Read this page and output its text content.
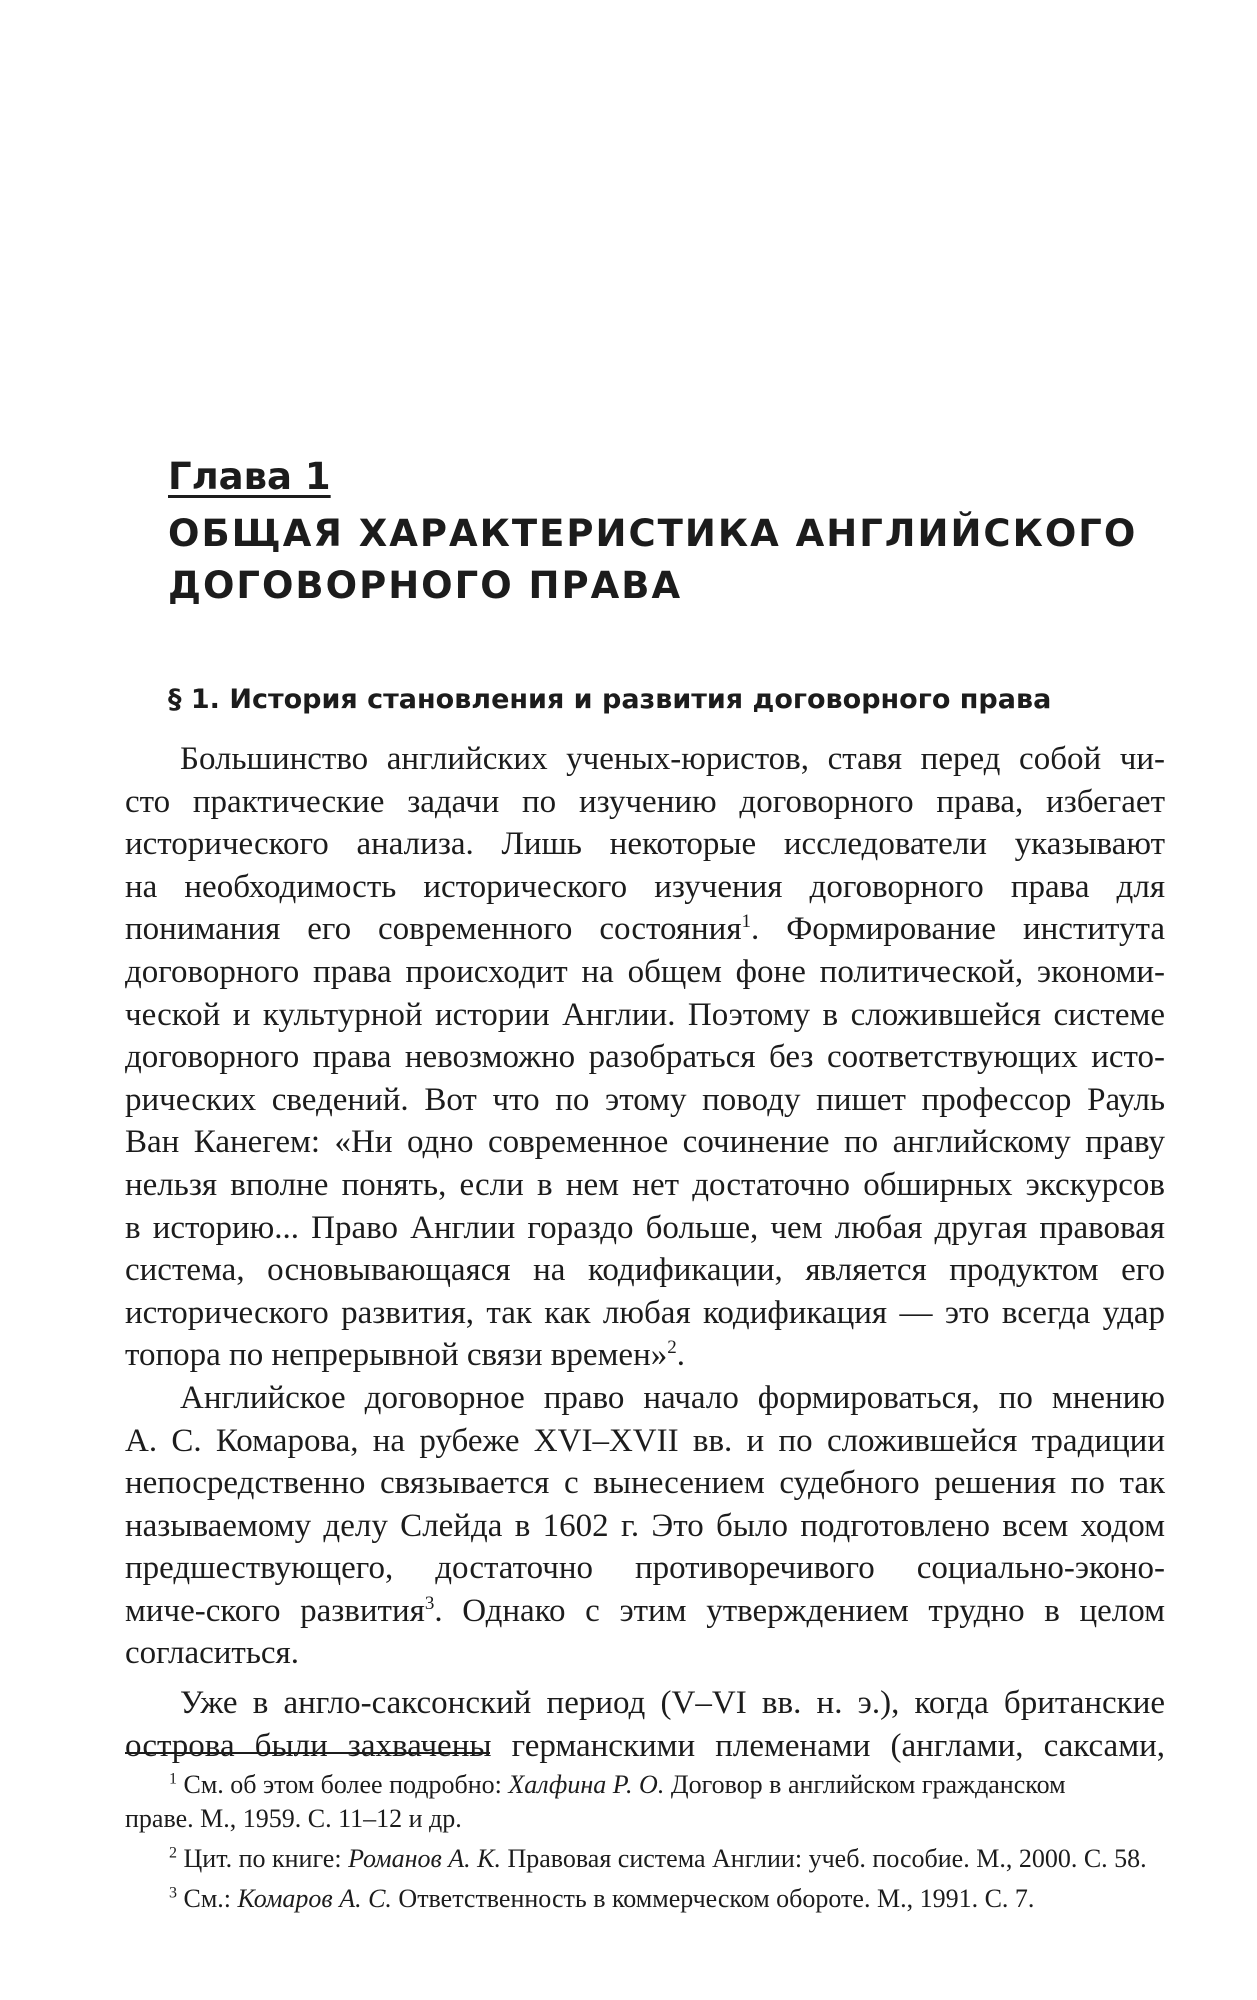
Глава 1
ОБЩАЯ ХАРАКТЕРИСТИКА АНГЛИЙСКОГО
ДОГОВОРНОГО ПРАВА
§ 1. История становления и развития договорного права
Большинство английских ученых-юристов, ставя перед собой чи-
сто практические задачи по изучению договорного права, избегает
исторического анализа. Лишь некоторые исследователи указывают
на необходимость исторического изучения договорного права для
понимания его современного состояния$^1$. Формирование института
договорного права происходит на общем фоне политической, экономи-
ческой и культурной истории Англии. Поэтому в сложившейся системе
договорного права невозможно разобраться без соответствующих исто-
рических сведений. Вот что по этому поводу пишет профессор Рауль
Ван Канегем: «Ни одно современное сочинение по английскому праву
нельзя вполне понять, если в нем нет достаточно обширных экскурсов
в историю... Право Англии гораздо больше, чем любая другая правовая
система, основывающаяся на кодификации, является продуктом его
исторического развития, так как любая кодификация — это всегда удар
топора по непрерывной связи времен»$^2$.
Английское договорное право начало формироваться, по мнению
А. С. Комарова, на рубеже XVI–XVII вв. и по сложившейся традиции
непосредственно связывается с вынесением судебного решения по так
называемому делу Слейда в 1602 г. Это было подготовлено всем ходом
предшествующего, достаточно противоречивого социально-эконо-
миче-ского развития$^3$. Однако с этим утверждением трудно в целом
согласиться.
Уже в англо-саксонский период (V–VI вв. н. э.), когда британские
острова были захвачены германскими племенами (англами, саксами,
$^1$ См. об этом более подробно: Халфина Р. О. Договор в английском гражданском
праве. М., 1959. С. 11–12 и др.
$^2$ Цит. по книге: Романов А. К. Правовая система Англии: учеб. пособие. М., 2000. С. 58.
$^3$ См.: Комаров А. С. Ответственность в коммерческом обороте. М., 1991. С. 7.
